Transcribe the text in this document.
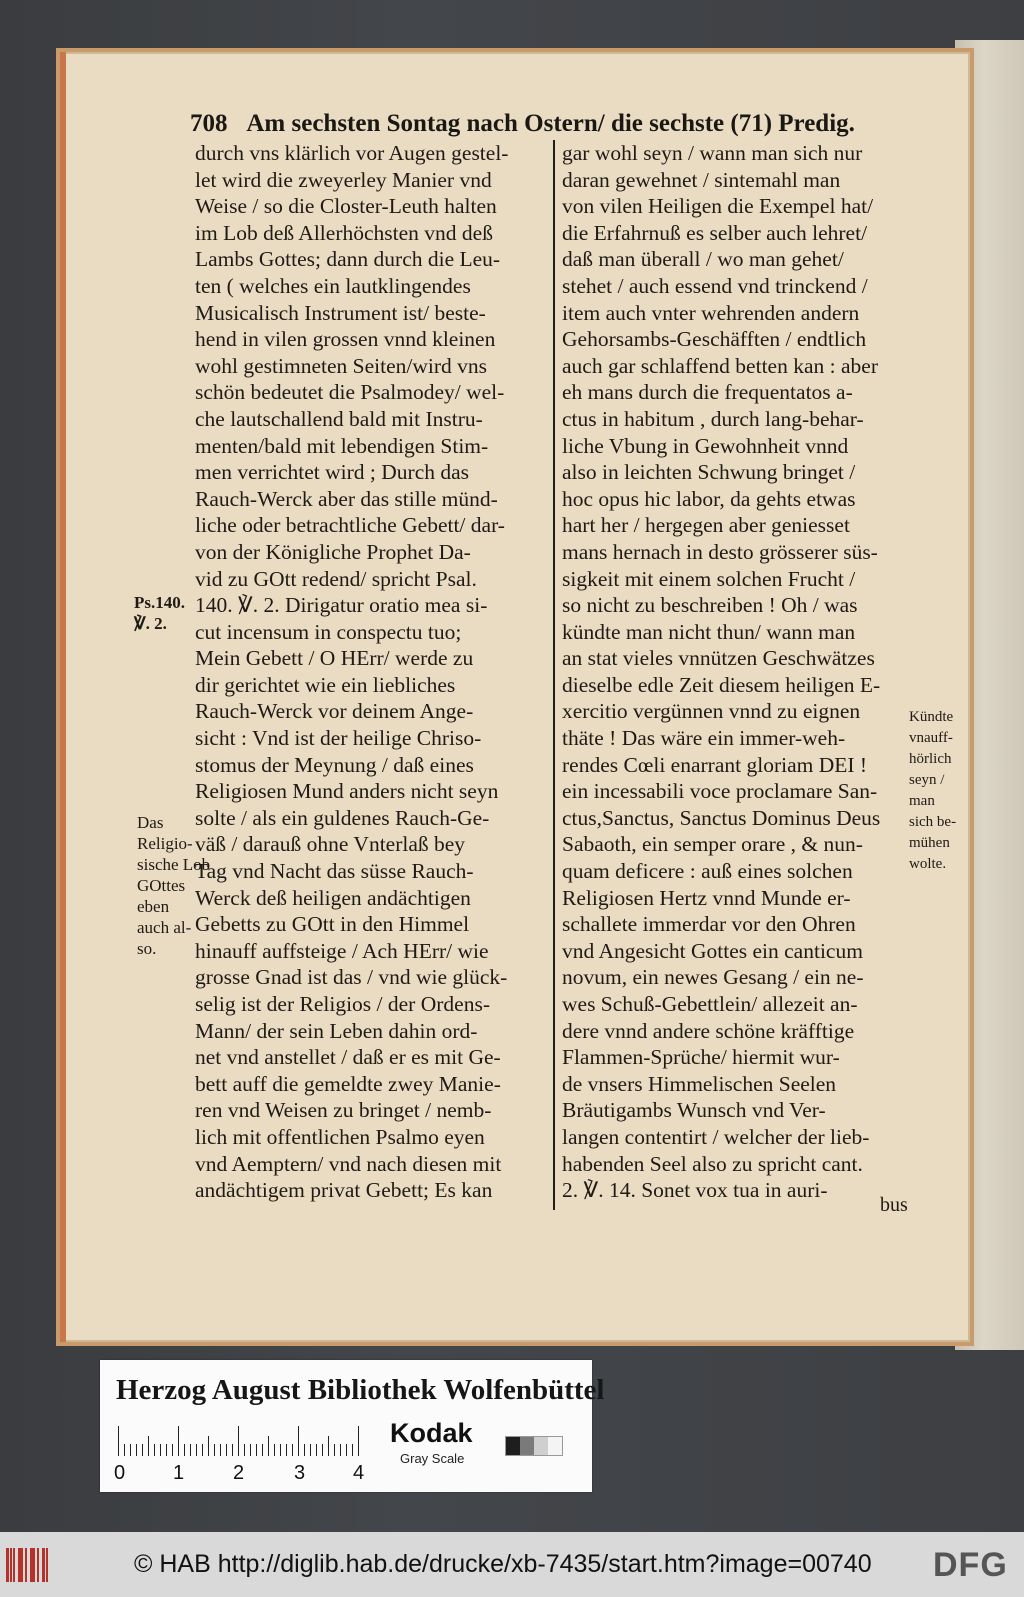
708 Am sechsten Sontag nach Ostern/ die sechste (71) Predig.
durch vns klärlich vor Augen gestel-
let wird die zweyerley Manier vnd
Weise / so die Closter-Leuth halten
im Lob deß Allerhöchsten vnd deß
Lambs Gottes; dann durch die Leu-
ten ( welches ein lautklingendes
Musicalisch Instrument ist/ beste-
hend in vilen grossen vnnd kleinen
wohl gestimneten Seiten/wird vns
schön bedeutet die Psalmodey/ wel-
che lautschallend bald mit Instru-
menten/bald mit lebendigen Stim-
men verrichtet wird ; Durch das
Rauch-Werck aber das stille münd-
liche oder betrachtliche Gebett/ dar-
von der Königliche Prophet Da-
vid zu GOtt redend/ spricht Psal.
140. ℣. 2. Dirigatur oratio mea si-
cut incensum in conspectu tuo;
Mein Gebett / O HErr/ werde zu
dir gerichtet wie ein liebliches
Rauch-Werck vor deinem Ange-
sicht : Vnd ist der heilige Chriso-
stomus der Meynung / daß eines
Religiosen Mund anders nicht seyn
solte / als ein guldenes Rauch-Ge-
väß / darauß ohne Vnterlaß bey
Tag vnd Nacht das süsse Rauch-
Werck deß heiligen andächtigen
Gebetts zu GOtt in den Himmel
hinauff auffsteige / Ach HErr/ wie
grosse Gnad ist das / vnd wie glück-
selig ist der Religios / der Ordens-
Mann/ der sein Leben dahin ord-
net vnd anstellet / daß er es mit Ge-
bett auff die gemeldte zwey Manie-
ren vnd Weisen zu bringet / nemb-
lich mit offentlichen Psalmo eyen
vnd Aemptern/ vnd nach diesen mit
andächtigem privat Gebett; Es kan
gar wohl seyn / wann man sich nur
daran gewehnet / sintemahl man
von vilen Heiligen die Exempel hat/
die Erfahrnuß es selber auch lehret/
daß man überall / wo man gehet/
stehet / auch essend vnd trinckend /
item auch vnter wehrenden andern
Gehorsambs-Geschäfften / endtlich
auch gar schlaffend betten kan : aber
eh mans durch die frequentatos a-
ctus in habitum , durch lang-behar-
liche Vbung in Gewohnheit vnnd
also in leichten Schwung bringet /
hoc opus hic labor, da gehts etwas
hart her / hergegen aber geniesset
mans hernach in desto grösserer süs-
sigkeit mit einem solchen Frucht /
so nicht zu beschreiben ! Oh / was
kündte man nicht thun/ wann man
an stat vieles vnnützen Geschwätzes
dieselbe edle Zeit diesem heiligen E-
xercitio vergünnen vnnd zu eignen
thäte ! Das wäre ein immer-weh-
rendes Cœli enarrant gloriam DEI !
ein incessabili voce proclamare San-
ctus,Sanctus, Sanctus Dominus Deus
Sabaoth, ein semper orare , & nun-
quam deficere : auß eines solchen
Religiosen Hertz vnnd Munde er-
schallete immerdar vor den Ohren
vnd Angesicht Gottes ein canticum
novum, ein newes Gesang / ein ne-
wes Schuß-Gebettlein/ allezeit an-
dere vnnd andere schöne kräfftige
Flammen-Sprüche/ hiermit wur-
de vnsers Himmelischen Seelen
Bräutigambs Wunsch vnd Ver-
langen contentirt / welcher der lieb-
habenden Seel also zu spricht cant.
2. ℣. 14. Sonet vox tua in auri-
Ps.140.
℣. 2.
Das
Religio-
sische Lob
GOttes
eben
auch al-
so.
Kündte
vnauff-
hörlich
seyn /
man
sich be-
mühen
wolte.
bus
Herzog August Bibliothek Wolfenbüttel
0 1 2 3 4
Kodak
Gray Scale
© HAB http://diglib.hab.de/drucke/xb-7435/start.htm?image=00740 DFG
